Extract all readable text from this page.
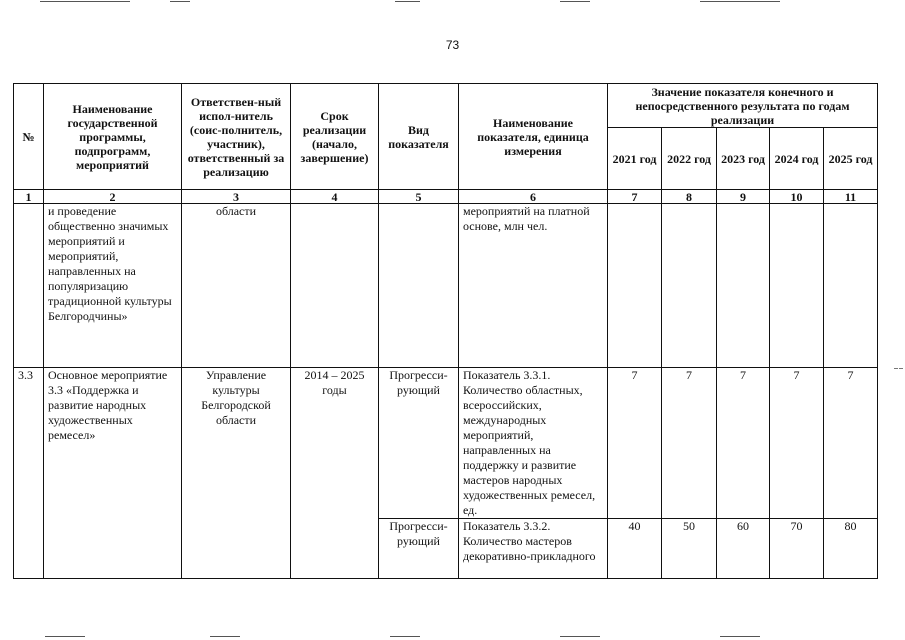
73
№	Наименование государственной программы, подпрограмм, мероприятий	Ответствен-ный испол-нитель (соис-полнитель, участник), ответственный за реализацию	Срок реализации (начало, завершение)	Вид показателя	Наименование показателя, единица измерения	Значение показателя конечного и непосредственного результата по годам реализации				
						2021 год	2022 год	2023 год	2024 год	2025 год
1	2	3	4	5	6	7	8	9	10	11
	и проведение общественно значимых мероприятий и мероприятий, направленных на популяризацию традиционной культуры Белгородчины»	области			мероприятий на платной основе, млн чел.					
3.3	Основное мероприятие 3.3 «Поддержка и развитие народных художественных ремесел»	Управление культуры Белгородской области	2014 – 2025 годы	Прогресси-рующий	Показатель 3.3.1. Количество областных, всероссийских, международных мероприятий, направленных на поддержку и развитие мастеров народных художественных ремесел, ед.	7	7	7	7	7
				Прогресси-рующий	Показатель 3.3.2. Количество мастеров декоративно-прикладного	40	50	60	70	80
